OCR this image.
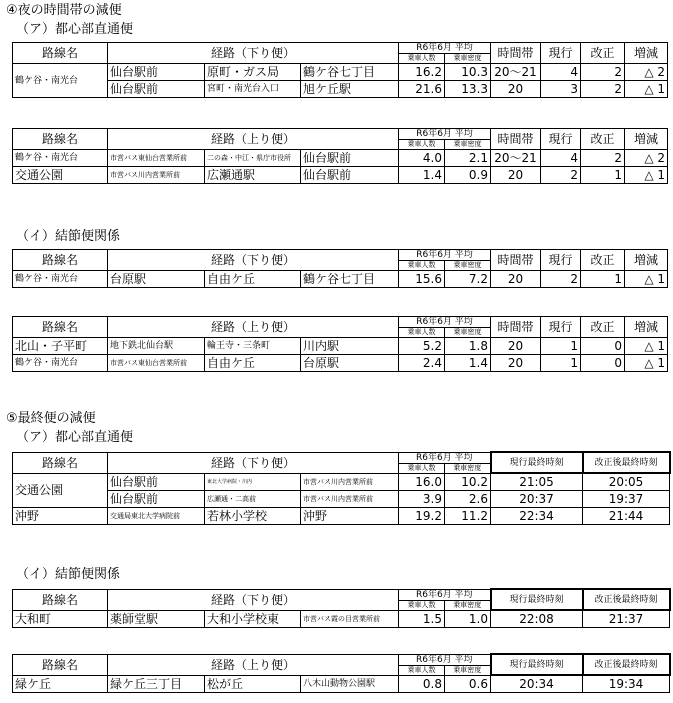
④夜の時間帯の減便
（ア）都心部直通便
路線名	経路（下り便）			R6年6月 平均		時間帯	現行	改正	増減
				乗車人数	乗車密度				
鶴ケ谷・南光台	仙台駅前	原町・ガス局	鶴ケ谷七丁目	16.2	10.3	20～21	4	2	△ 2
	仙台駅前	宮町・南光台入口	旭ケ丘駅	21.6	13.3	20	3	2	△ 1
路線名	経路（上り便）			R6年6月 平均		時間帯	現行	改正	増減
				乗車人数	乗車密度				
鶴ケ谷・南光台	市営バス東仙台営業所前	二の森・中江・県庁市役所	仙台駅前	4.0	2.1	20～21	4	2	△ 2
交通公園	市営バス川内営業所前	広瀬通駅	仙台駅前	1.4	0.9	20	2	1	△ 1
（イ）結節便関係
路線名	経路（下り便）			R6年6月 平均		時間帯	現行	改正	増減
				乗車人数	乗車密度				
鶴ケ谷・南光台	台原駅	自由ケ丘	鶴ケ谷七丁目	15.6	7.2	20	2	1	△ 1
路線名	経路（上り便）			R6年6月 平均		時間帯	現行	改正	増減
				乗車人数	乗車密度				
北山・子平町	地下鉄北仙台駅	輪王寺・三条町	川内駅	5.2	1.8	20	1	0	△ 1
鶴ケ谷・南光台	市営バス東仙台営業所前	自由ケ丘	台原駅	2.4	1.4	20	1	0	△ 1
⑤最終便の減便
（ア）都心部直通便
路線名	経路（下り便）			R6年6月 平均		現行最終時刻	改正後最終時刻
				乗車人数	乗車密度		
交通公園	仙台駅前	東北大学病院・川内	市営バス川内営業所前	16.0	10.2	21:05	20:05
	仙台駅前	広瀬通・二高前	市営バス川内営業所前	3.9	2.6	20:37	19:37
沖野	交通局東北大学病院前	若林小学校	沖野	19.2	11.2	22:34	21:44
（イ）結節便関係
路線名	経路（下り便）			R6年6月 平均		現行最終時刻	改正後最終時刻
				乗車人数	乗車密度		
大和町	薬師堂駅	大和小学校東	市営バス霞の目営業所前	1.5	1.0	22:08	21:37
路線名	経路（上り便）			R6年6月 平均		現行最終時刻	改正後最終時刻
				乗車人数	乗車密度		
緑ケ丘	緑ケ丘三丁目	松が丘	八木山動物公園駅	0.8	0.6	20:34	19:34
